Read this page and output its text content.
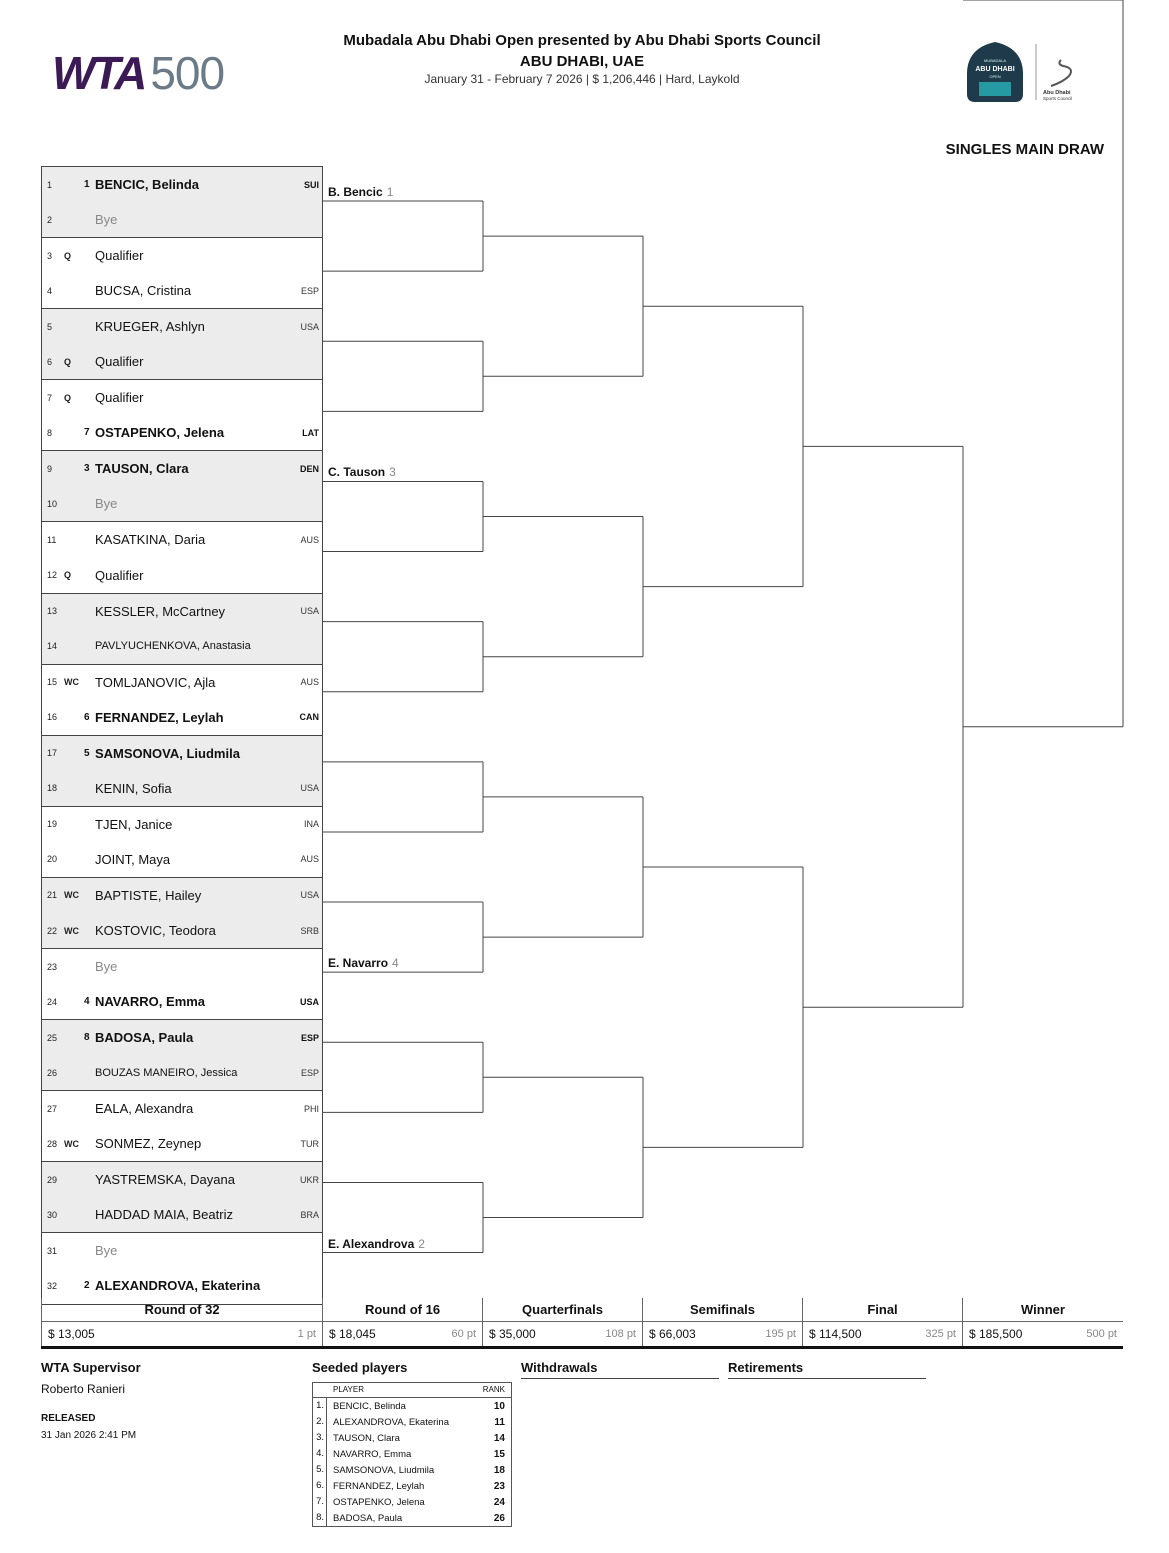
WTA 500
Mubadala Abu Dhabi Open presented by Abu Dhabi Sports Council
ABU DHABI, UAE
January 31 - February 7 2026 | $ 1,206,446 | Hard, Laykold
MUBADALA
ABU DHABI
OPEN
Abu Dhabi
Sports Council
SINGLES MAIN DRAW
1	1 BENCIC, Belinda	SUI
2	Bye
3 Q Qualifier
4	BUCSA, Cristina	ESP
5	KRUEGER, Ashlyn	USA
6 Q Qualifier
7 Q Qualifier
8	7 OSTAPENKO, Jelena	LAT
9	3 TAUSON, Clara	DEN
10	Bye
11	KASATKINA, Daria	AUS
12 Q Qualifier
13	KESSLER, McCartney	USA
14	PAVLYUCHENKOVA, Anastasia
15 WC TOMLJANOVIC, Ajla	AUS
16	6 FERNANDEZ, Leylah	CAN
17	5 SAMSONOVA, Liudmila
18	KENIN, Sofia	USA
19	TJEN, Janice	INA
20	JOINT, Maya	AUS
21 WC BAPTISTE, Hailey	USA
22 WC KOSTOVIC, Teodora	SRB
23	Bye
24	4 NAVARRO, Emma	USA
25	8 BADOSA, Paula	ESP
26	BOUZAS MANEIRO, Jessica	ESP
27	EALA, Alexandra	PHI
28 WC SONMEZ, Zeynep	TUR
29	YASTREMSKA, Dayana	UKR
30	HADDAD MAIA, Beatriz	BRA
31	Bye
32	2 ALEXANDROVA, Ekaterina
B. Bencic 1
C. Tauson 3
E. Navarro 4
E. Alexandrova 2
Round of 32
$ 13,005	1 pt
Round of 16
$ 18,045	60 pt
Quarterfinals
$ 35,000	108 pt
Semifinals
$ 66,003	195 pt
Final
$ 114,500	325 pt
Winner
$ 185,500	500 pt
WTA Supervisor
Roberto Ranieri
RELEASED
31 Jan 2026 2:41 PM
Seeded players	Withdrawals	Retirements
PLAYER	RANK
1. BENCIC, Belinda	10
2. ALEXANDROVA, Ekaterina	11
3. TAUSON, Clara	14
4. NAVARRO, Emma	15
5. SAMSONOVA, Liudmila	18
6. FERNANDEZ, Leylah	23
7. OSTAPENKO, Jelena	24
8. BADOSA, Paula	26
